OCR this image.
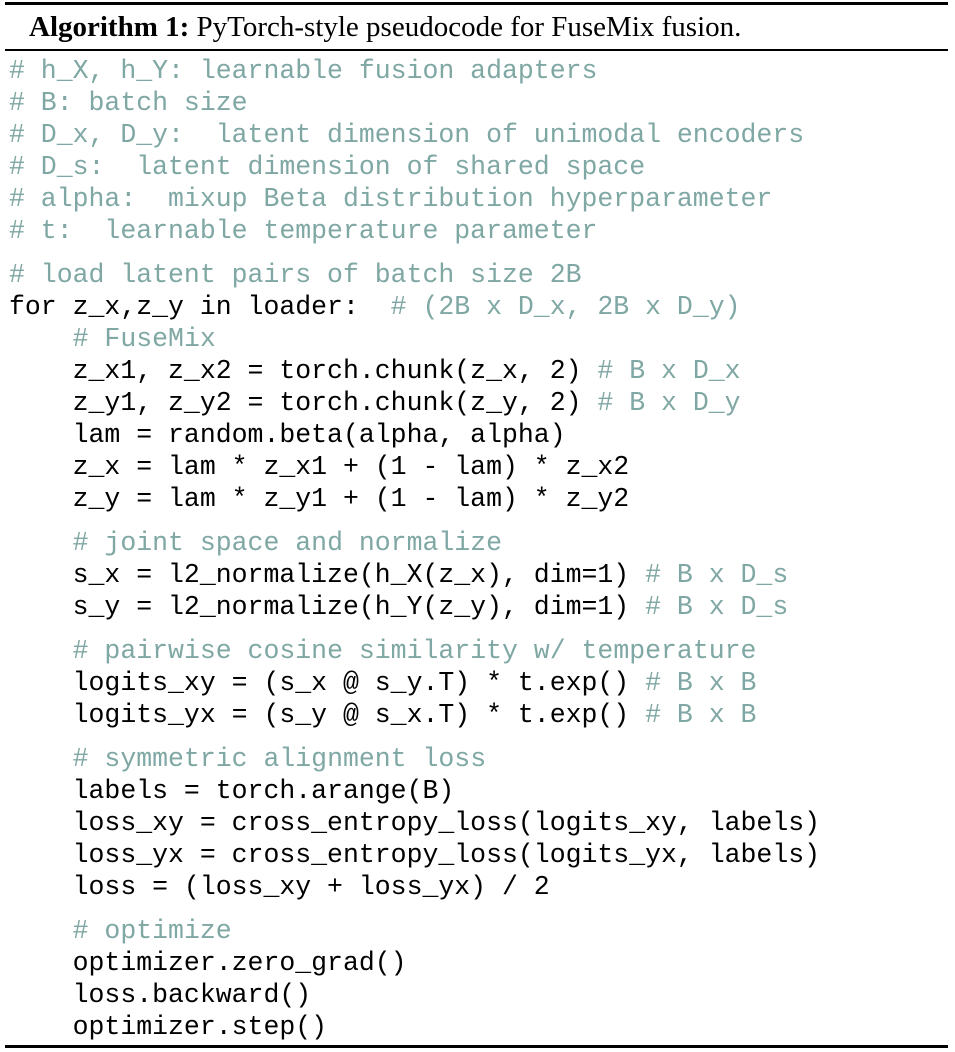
Algorithm 1: PyTorch-style pseudocode for FuseMix fusion.
# h_X, h_Y: learnable fusion adapters
# B: batch size
# D_x, D_y:  latent dimension of unimodal encoders
# D_s:  latent dimension of shared space
# alpha:  mixup Beta distribution hyperparameter
# t:  learnable temperature parameter
# load latent pairs of batch size 2B
for z_x,z_y in loader:  # (2B x D_x, 2B x D_y)
# FuseMix
z_x1, z_x2 = torch.chunk(z_x, 2) # B x D_x
z_y1, z_y2 = torch.chunk(z_y, 2) # B x D_y
lam = random.beta(alpha, alpha)
z_x = lam * z_x1 + (1 - lam) * z_x2
z_y = lam * z_y1 + (1 - lam) * z_y2
# joint space and normalize
s_x = l2_normalize(h_X(z_x), dim=1) # B x D_s
s_y = l2_normalize(h_Y(z_y), dim=1) # B x D_s
# pairwise cosine similarity w/ temperature
logits_xy = (s_x @ s_y.T) * t.exp() # B x B
logits_yx = (s_y @ s_x.T) * t.exp() # B x B
# symmetric alignment loss
labels = torch.arange(B)
loss_xy = cross_entropy_loss(logits_xy, labels)
loss_yx = cross_entropy_loss(logits_yx, labels)
loss = (loss_xy + loss_yx) / 2
# optimize
optimizer.zero_grad()
loss.backward()
optimizer.step()
